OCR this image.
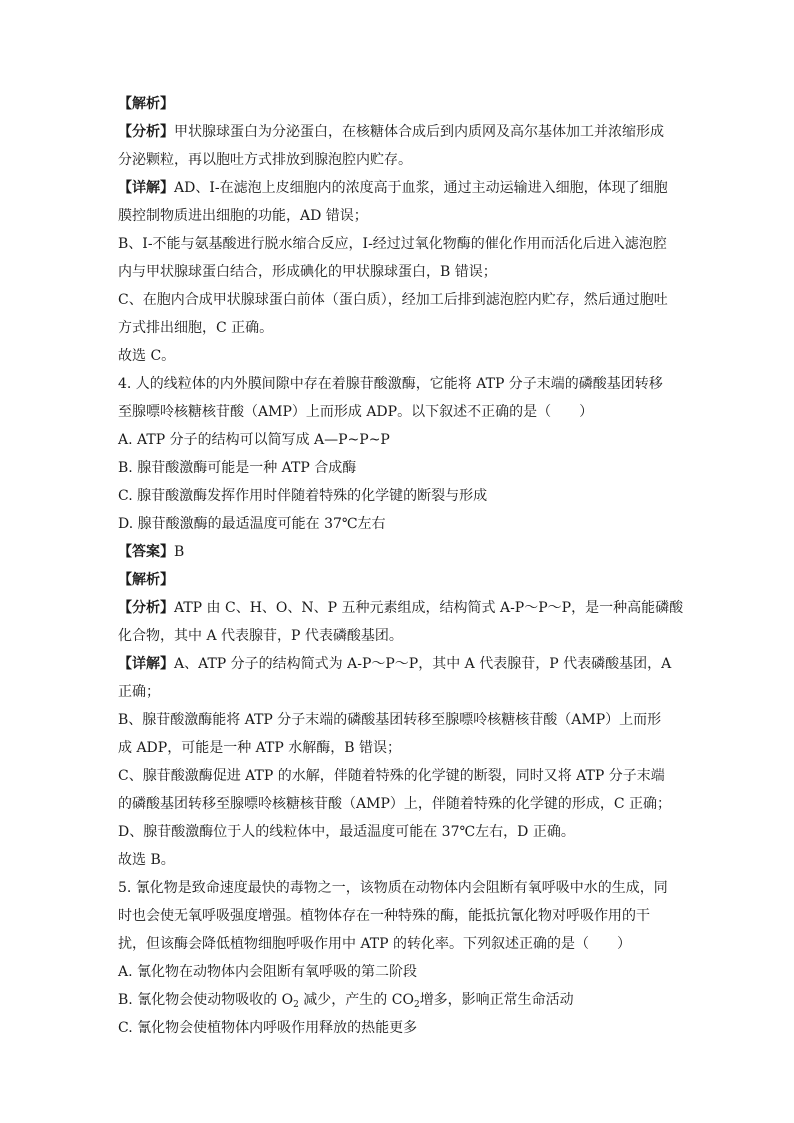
【解析】
【分析】甲状腺球蛋白为分泌蛋白，在核糖体合成后到内质网及高尔基体加工并浓缩形成
分泌颗粒，再以胞吐方式排放到腺泡腔内贮存。
【详解】AD、I-在滤泡上皮细胞内的浓度高于血浆，通过主动运输进入细胞，体现了细胞
膜控制物质进出细胞的功能，AD 错误；
B、I-不能与氨基酸进行脱水缩合反应，I-经过过氧化物酶的催化作用而活化后进入滤泡腔
内与甲状腺球蛋白结合，形成碘化的甲状腺球蛋白，B 错误；
C、在胞内合成甲状腺球蛋白前体（蛋白质），经加工后排到滤泡腔内贮存，然后通过胞吐
方式排出细胞，C 正确。
故选 C。
4. 人的线粒体的内外膜间隙中存在着腺苷酸激酶，它能将 ATP 分子末端的磷酸基团转移
至腺嘌呤核糖核苷酸（AMP）上而形成 ADP。以下叙述不正确的是（　　）
A. ATP 分子的结构可以简写成 A—P~P~P
B. 腺苷酸激酶可能是一种 ATP 合成酶
C. 腺苷酸激酶发挥作用时伴随着特殊的化学键的断裂与形成
D. 腺苷酸激酶的最适温度可能在 37℃左右
【答案】B
【解析】
【分析】ATP 由 C、H、O、N、P 五种元素组成，结构简式 A-P～P～P，是一种高能磷酸
化合物，其中 A 代表腺苷，P 代表磷酸基团。
【详解】A、ATP 分子的结构简式为 A-P～P～P，其中 A 代表腺苷，P 代表磷酸基团，A
正确；
B、腺苷酸激酶能将 ATP 分子末端的磷酸基团转移至腺嘌呤核糖核苷酸（AMP）上而形
成 ADP，可能是一种 ATP 水解酶，B 错误；
C、腺苷酸激酶促进 ATP 的水解，伴随着特殊的化学键的断裂，同时又将 ATP 分子末端
的磷酸基团转移至腺嘌呤核糖核苷酸（AMP）上，伴随着特殊的化学键的形成，C 正确；
D、腺苷酸激酶位于人的线粒体中，最适温度可能在 37℃左右，D 正确。
故选 B。
5. 氰化物是致命速度最快的毒物之一，该物质在动物体内会阻断有氧呼吸中水的生成，同
时也会使无氧呼吸强度增强。植物体存在一种特殊的酶，能抵抗氰化物对呼吸作用的干
扰，但该酶会降低植物细胞呼吸作用中 ATP 的转化率。下列叙述正确的是（　　）
A. 氰化物在动物体内会阻断有氧呼吸的第二阶段
B. 氰化物会使动物吸收的 $O_2$ 减少，产生的 $CO_2$增多，影响正常生命活动
C. 氰化物会使植物体内呼吸作用释放的热能更多
